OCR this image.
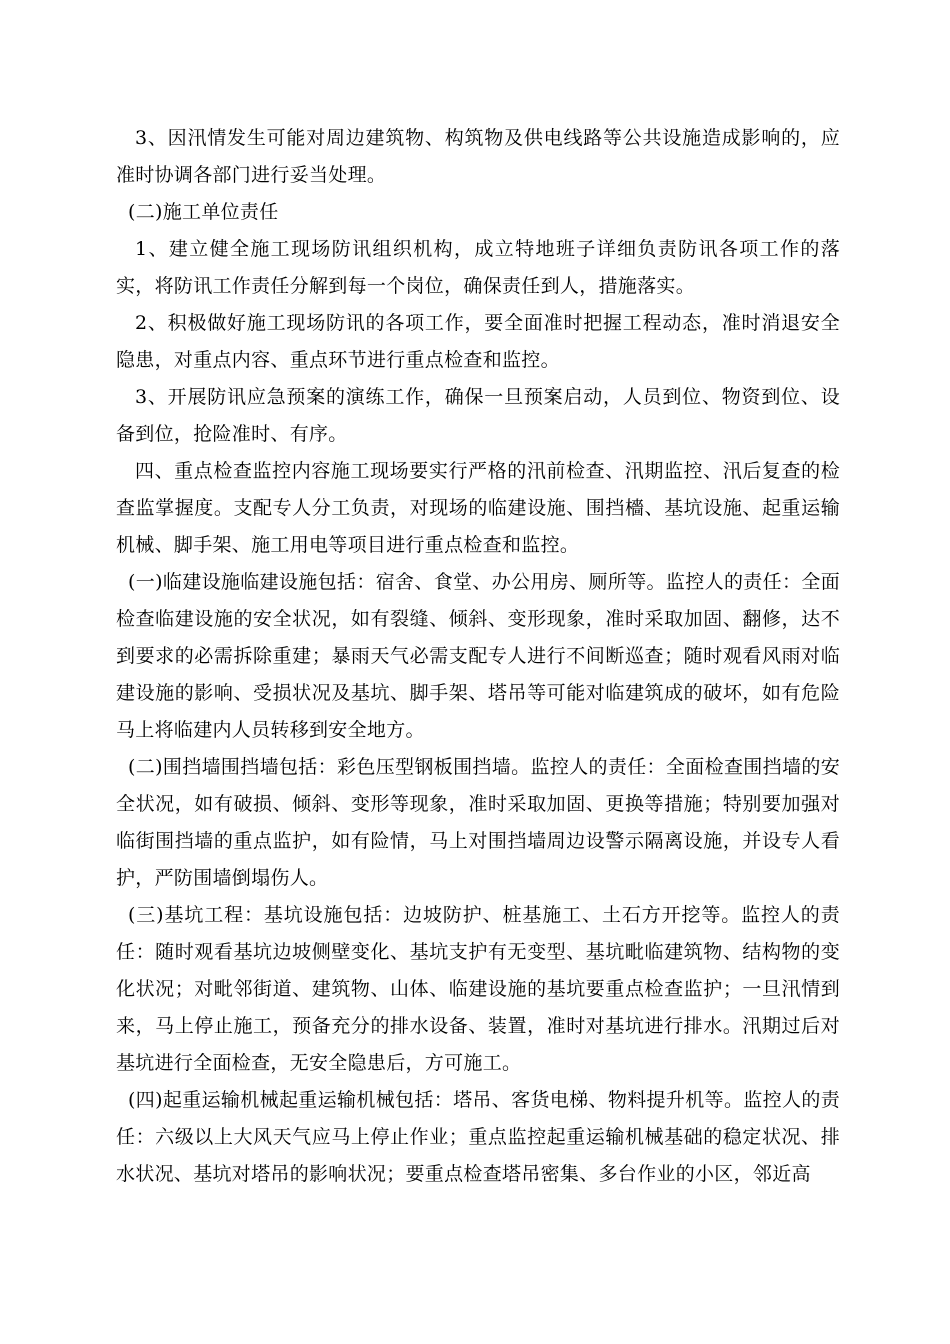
3、因汛情发生可能对周边建筑物、构筑物及供电线路等公共设施造成影响的，应准时协调各部门进行妥当处理。

(二)施工单位责任

1、建立健全施工现场防讯组织机构，成立特地班子详细负责防讯各项工作的落实，将防讯工作责任分解到每一个岗位，确保责任到人，措施落实。

2、积极做好施工现场防讯的各项工作，要全面准时把握工程动态，准时消退安全隐患，对重点内容、重点环节进行重点检查和监控。

3、开展防讯应急预案的演练工作，确保一旦预案启动，人员到位、物资到位、设备到位，抢险准时、有序。

四、重点检查监控内容施工现场要实行严格的汛前检查、汛期监控、汛后复查的检查监掌握度。支配专人分工负责，对现场的临建设施、围挡檣、基坑设施、起重运输机械、脚手架、施工用电等项目进行重点检查和监控。

(一)临建设施临建设施包括：宿舍、食堂、办公用房、厕所等。监控人的责任：全面检查临建设施的安全状况，如有裂缝、倾斜、变形现象，准时采取加固、翻修，达不到要求的必需拆除重建；暴雨天气必需支配专人进行不间断巡查；随时观看风雨对临建设施的影响、受损状况及基坑、脚手架、塔吊等可能对临建筑成的破坏，如有危险马上将临建内人员转移到安全地方。

(二)围挡墙围挡墙包括：彩色压型钢板围挡墙。监控人的责任：全面检查围挡墙的安全状况，如有破损、倾斜、变形等现象，准时采取加固、更换等措施；特别要加强对临街围挡墙的重点监护，如有险情，马上对围挡墙周边设警示隔离设施，并设专人看护，严防围墙倒塌伤人。

(三)基坑工程：基坑设施包括：边坡防护、桩基施工、土石方开挖等。监控人的责任：随时观看基坑边坡侧壁变化、基坑支护有无变型、基坑毗临建筑物、结构物的变化状况；对毗邻街道、建筑物、山体、临建设施的基坑要重点检查监护；一旦汛情到来，马上停止施工，预备充分的排水设备、装置，准时对基坑进行排水。汛期过后对基坑进行全面检查，无安全隐患后，方可施工。

(四)起重运输机械起重运输机械包括：塔吊、客货电梯、物料提升机等。监控人的责任：六级以上大风天气应马上停止作业；重点监控起重运输机械基础的稳定状况、排水状况、基坑对塔吊的影响状况；要重点检查塔吊密集、多台作业的小区，邻近高
